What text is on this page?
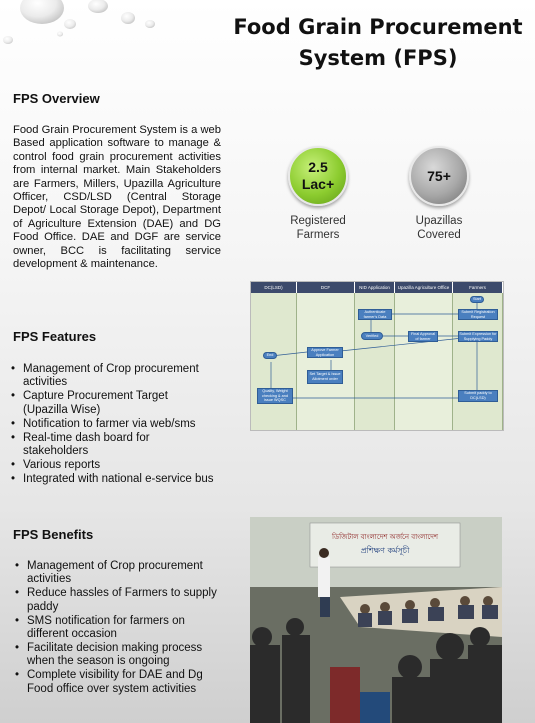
Food Grain Procurement System (FPS)
FPS Overview

Food Grain Procurement System is a web Based application software to manage & control food grain procurement activities from internal market. Main Stakeholders are Farmers, Millers, Upazilla Agriculture Officer, CSD/LSD (Central Storage Depot/ Local Storage Depot), Department of Agriculture Extension (DAE) and DG Food Office. DAE and DGF are service owner, BCC is facilitating service development & maintenance.

2.5
Lac+
Registered
Farmers
75+
Upazillas
Covered
DC(LSD)	DCF	NID Application	Upazilla Agriculture Office	Farmers
Start
Submit Registration Request
Authenticate farmer's Data
Verified	Final Approval of farmer
Submit Expression for Supplying Paddy
Approve Farmer Application
End
Set Target & Issue Allotment order
Quality, Weight checking & and issue WQSC
Submit paddy to DC(LSD)
FPS Features
• Management of Crop procurement activities
• Capture Procurement Target (Upazilla Wise)
• Notification to farmer via web/sms
• Real-time dash board for stakeholders
• Various reports
• Integrated with national e-service bus
FPS Benefits
• Management of Crop procurement activities
• Reduce hassles of Farmers to supply paddy
• SMS notification for farmers on different occasion
• Facilitate decision making process when the season is ongoing
• Complete visibility for DAE and Dg Food office over system activities
ডিজিটাল বাংলাদেশ অর্জনে বাংলাদেশ
প্রশিক্ষণ কর্মসূচী
